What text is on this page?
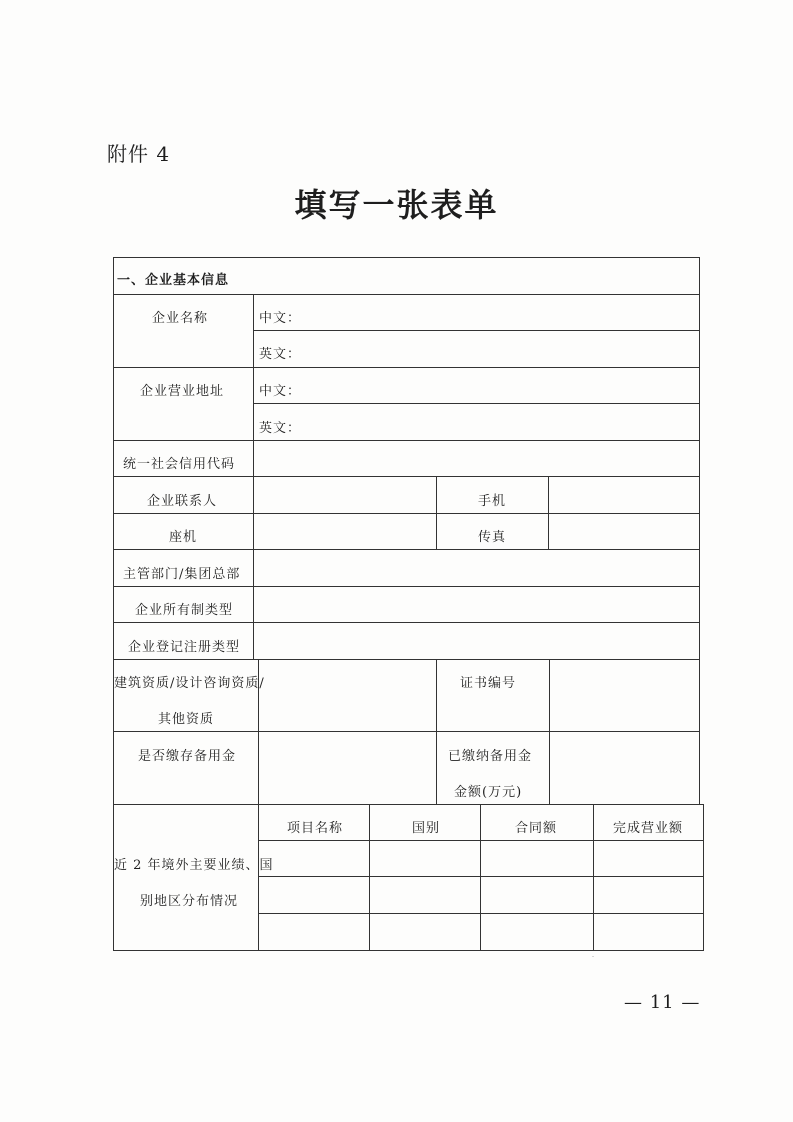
附件 4
填写一张表单
一、企业基本信息
企业名称	中文：
英文：
企业营业地址	中文：
英文：
统一社会信用代码
企业联系人	手机
座机	传真
主管部门/集团总部
企业所有制类型
企业登记注册类型
建筑资质/设计咨询资质/
其他资质
证书编号
是否缴存备用金	已缴纳备用金
金额(万元)
近 2 年境外主要业绩、国
别地区分布情况
项目名称	国别	合同额	完成营业额
-
— 11 —
